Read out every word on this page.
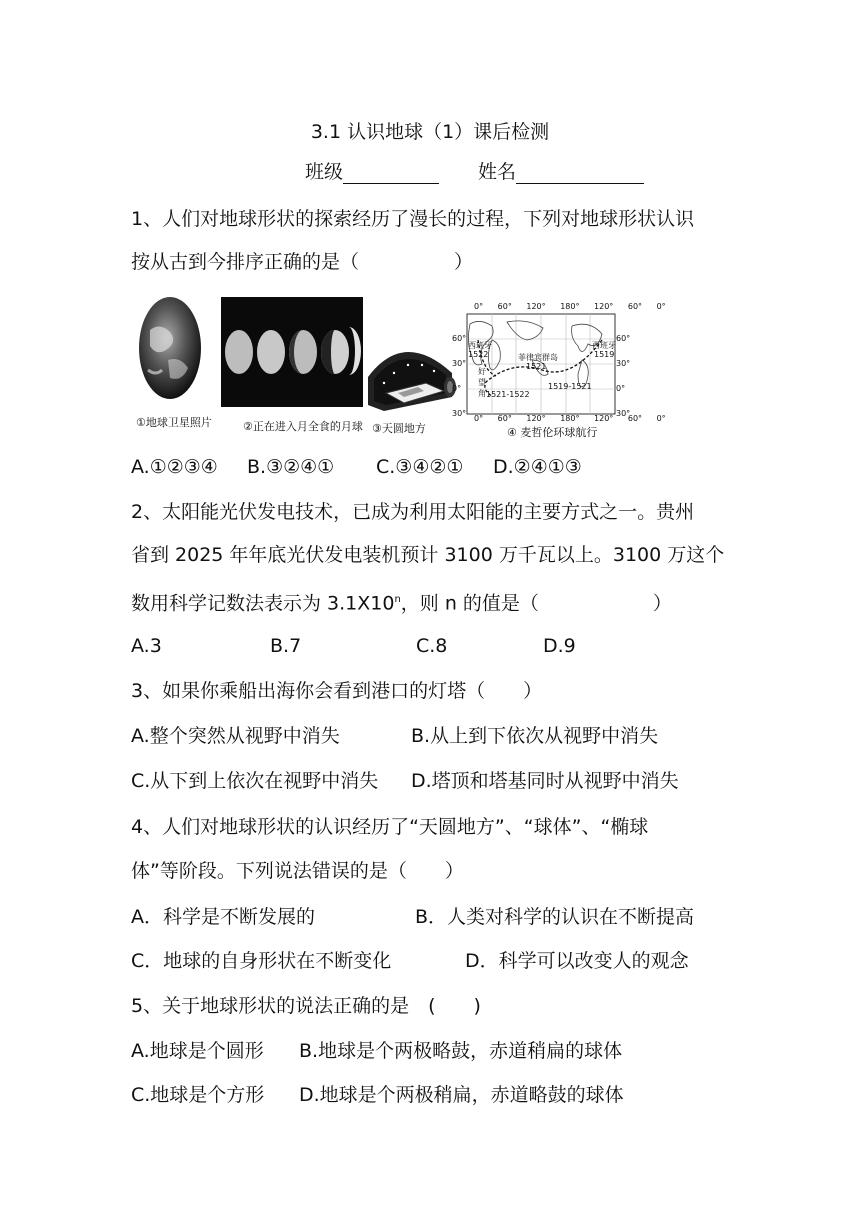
3.1 认识地球（1）课后检测
班级	姓名
1、人们对地球形状的探索经历了漫长的过程，下列对地球形状认识
按从古到今排序正确的是（　　　　　）
①地球卫星照片	②正在进入月全食的月球 ③天圆地方
0° 60° 120° 180° 120° 60° 0°
0° 60° 120° 180° 120° 60° 0°
60°
30°
0°
30°
60°
30°
0°
30°
西班牙
1522
西班牙
1519
菲律宾群岛
1521
好望角 1521-1522
1519-1521
④ 麦哲伦环球航行
A.①②③④ B.③②④① C.③④②① D.②④①③
2、太阳能光伏发电技术，已成为利用太阳能的主要方式之一。贵州
省到 2025 年年底光伏发电装机预计 3100 万千瓦以上。3100 万这个
数用科学记数法表示为 3.1X10$^n$，则 n 的值是（　　　　　　）
A.3	B.7	C.8	D.9
3、如果你乘船出海你会看到港口的灯塔（　　）
A.整个突然从视野中消失	B.从上到下依次从视野中消失
C.从下到上依次在视野中消失 D.塔顶和塔基同时从视野中消失
4、人们对地球形状的认识经历了“天圆地方”、“球体”、“椭球
体”等阶段。下列说法错误的是（　　）
A．科学是不断发展的	B．人类对科学的认识在不断提高
C．地球的自身形状在不断变化	D．科学可以改变人的观念
5、关于地球形状的说法正确的是　(　　)
A.地球是个圆形 B.地球是个两极略鼓，赤道稍扁的球体
C.地球是个方形 D.地球是个两极稍扁，赤道略鼓的球体
